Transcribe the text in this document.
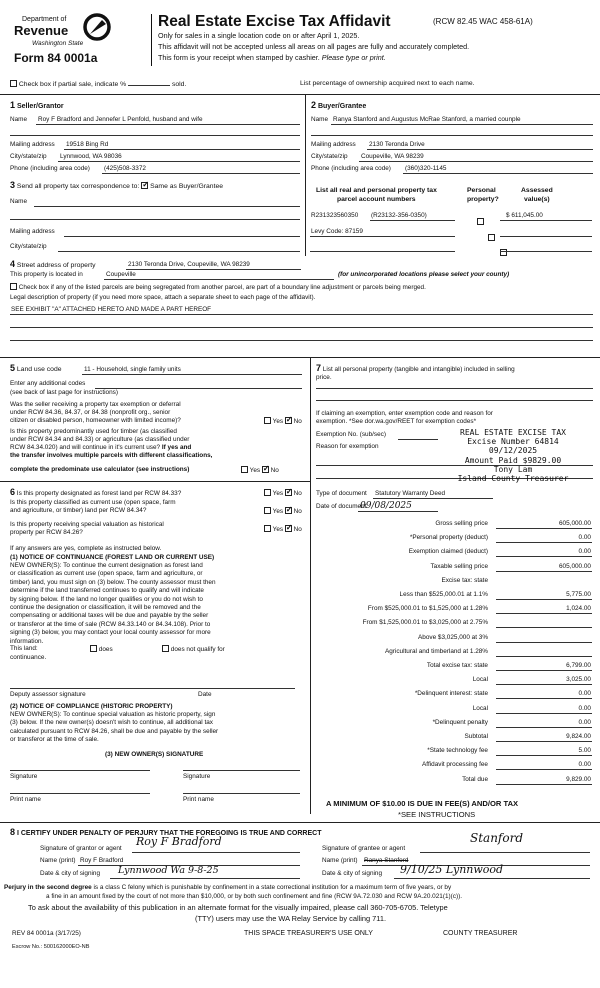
Department of
Revenue
Washington State
Form 84 0001a
Real Estate Excise Tax Affidavit	(RCW 82.45 WAC 458-61A)
Only for sales in a single location code on or after April 1, 2025.
This affidavit will not be accepted unless all areas on all pages are fully and accurately completed.
This form is your receipt when stamped by cashier. Please type or print.
Check box if partial sale, indicate %	sold.	List percentage of ownership acquired next to each name.
1 Seller/Grantor
Name Roy F Bradford and Jennefer L Penfold, husband and wife
Mailing address 19518 Bing Rd
City/state/zip Lynnwood, WA 98036
Phone (including area code) (425)508-3372
2 Buyer/Grantee
Name Ranya Stanford and Augustus McRae Stanford, a married counple
Mailing address 2130 Teronda Drive
City/state/zip Coupeville, WA 98239
Phone (including area code) (360)320-1145
3 Send all property tax correspondence to: ✓ Same as Buyer/Grantee
Name
Mailing address
City/state/zip
List all real and personal property tax
parcel account numbers
Personal
property?
Assessed
value(s)
R231323560350 (R23132-356-0350)
	$ 611,045.00
Levy Code: 87159

4 Street address of property	2130 Teronda Drive, Coupeville, WA 98239
This property is located in	Coupeville	(for unincorporated locations please select your county)
Check box if any of the listed parcels are being segregated from another parcel, are part of a boundary line adjustment or parcels being merged.
Legal description of property (if you need more space, attach a separate sheet to each page of the affidavit).
SEE EXHIBIT "A" ATTACHED HERETO AND MADE A PART HEREOF
5 Land use code	11 - Household, single family units
Enter any additional codes
(see back of last page for instructions)
Was the seller receiving a property tax exemption or deferral
under RCW 84.36, 84.37, or 84.38 (nonprofit org., senior
citizen or disabled person, homeowner with limited income)?	Yes ✓ No
Is this property predominantly used for timber (as classified
under RCW 84.34 and 84.33) or agriculture (as classified under
RCW 84.34.020) and will continue in it's current use? If yes and
the transfer involves multiple parcels with different classifications,
complete the predominate use calculator (see instructions)	Yes ✓ No
6 Is this property designated as forest land per RCW 84.33?	Yes ✓ No
Is this property classified as current use (open space, farm
and agriculture, or timber) land per RCW 84.34?	Yes ✓ No
Is this property receiving special valuation as historical
property per RCW 84.26?	Yes ✓ No
If any answers are yes, complete as instructed below.
(1) NOTICE OF CONTINUANCE (FOREST LAND OR CURRENT USE)
NEW OWNER(S): To continue the current designation as forest land
or classification as current use (open space, farm and agriculture, or
timber) land, you must sign on (3) below. The county assessor must then
determine if the land transferred continues to qualify and will indicate
by signing below. If the land no longer qualifies or you do not wish to
continue the designation or classification, it will be removed and the
compensating or additional taxes will be due and payable by the seller
or transferor at the time of sale (RCW 84.33.140 or 84.34.108). Prior to
signing (3) below, you may contact your local county assessor for more
information.
This land:	does	does not qualify for
continuance.
Deputy assessor signature	Date
(2) NOTICE OF COMPLIANCE (HISTORIC PROPERTY)
NEW OWNER(S): To continue special valuation as historic property, sign
(3) below. If the new owner(s) doesn't wish to continue, all additional tax
calculated pursuant to RCW 84.26, shall be due and payable by the seller
or transferor at the time of sale.
(3) NEW OWNER(S) SIGNATURE
Signature	Signature
Print name	Print name
7 List all personal property (tangible and intangible) included in selling
price.
If claiming an exemption, enter exemption code and reason for
exemption. *See dor.wa.gov/REET for exemption codes*
Exemption No. (sub/sec)
Reason for exemption
Type of document Statutory Warranty Deed
Date of document
09/08/2025
REAL ESTATE EXCISE TAX
Excise Number 64814
09/12/2025
Amount Paid $9829.00
Tony Lam
Island County Treasurer
Gross selling price	605,000.00
*Personal property (deduct)	0.00
Exemption claimed (deduct)	0.00
Taxable selling price	605,000.00
Excise tax: state
Less than $525,000.01 at 1.1%	5,775.00
From $525,000.01 to $1,525,000 at 1.28%	1,024.00
From $1,525,000.01 to $3,025,000 at 2.75%
Above $3,025,000 at 3%
Agricultural and timberland at 1.28%
Total excise tax: state	6,799.00
Local	3,025.00
*Delinquent interest: state	0.00
Local	0.00
*Delinquent penalty	0.00
Subtotal	9,824.00
*State technology fee	5.00
Affidavit processing fee	0.00
Total due	9,829.00
A MINIMUM OF $10.00 IS DUE IN FEE(S) AND/OR TAX
*SEE INSTRUCTIONS
8 I CERTIFY UNDER PENALTY OF PERJURY THAT THE FOREGOING IS TRUE AND CORRECT
Signature of grantor or agent
Roy F Bradford
Name (print) Roy F Bradford
Date & city of signing Lynnwood Wa 9-8-25
Signature of grantee or agent
Stanford
Name (print) Ranya Stanford
Date & city of signing 9/10/25 Lynnwood
Perjury in the second degree is a class C felony which is punishable by confinement in a state correctional institution for a maximum term of five years, or by
a fine in an amount fixed by the court of not more than $10,000, or by both such confinement and fine (RCW 9A.72.030 and RCW 9A.20.021(1)(c)).
To ask about the availability of this publication in an alternate format for the visually impaired, please call 360-705-6705. Teletype
(TTY) users may use the WA Relay Service by calling 711.
REV 84 0001a (3/17/25)	THIS SPACE TREASURER'S USE ONLY	COUNTY TREASURER
Escrow No.: 500162000EO-NB
